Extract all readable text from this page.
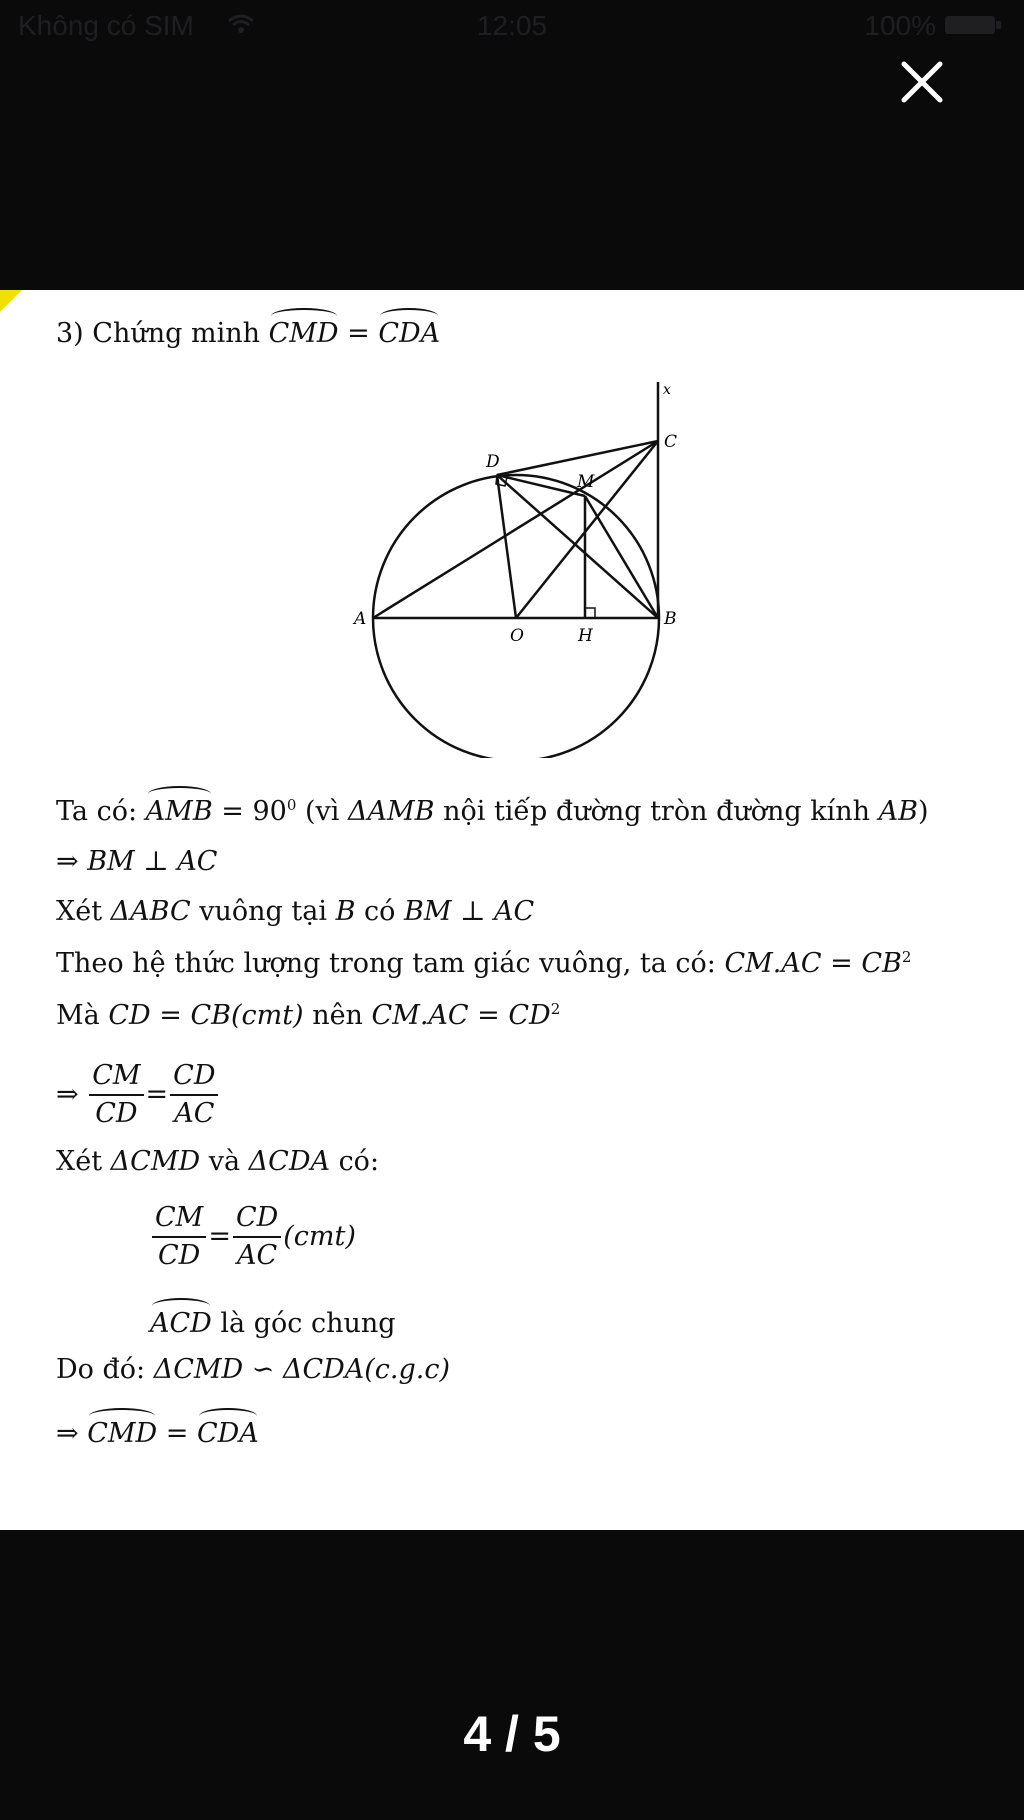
Không có SIM	12:05	100%
3) Chứng minh CMD = CDA
x
C
D
M
A
O	H
B
Ta có: AMB = $90^0$ (vì ΔAMB nội tiếp đường tròn đường kính AB)
⇒ BM ⊥ AC
Xét ΔABC vuông tại B có BM ⊥ AC
Theo hệ thức lượng trong tam giác vuông, ta có: $CM.AC = CB^2$
Mà CD = CB(cmt) nên $CM.AC = CD^2$
⇒ $\frac{CM}{CD} = \frac{CD}{AC}$
Xét ΔCMD và ΔCDA có:
$\frac{CM}{CD} = \frac{CD}{AC} (cmt)$
ACD là góc chung
Do đó: ΔCMD ∽ ΔCDA(c.g.c)
⇒ CMD = CDA
4 / 5
